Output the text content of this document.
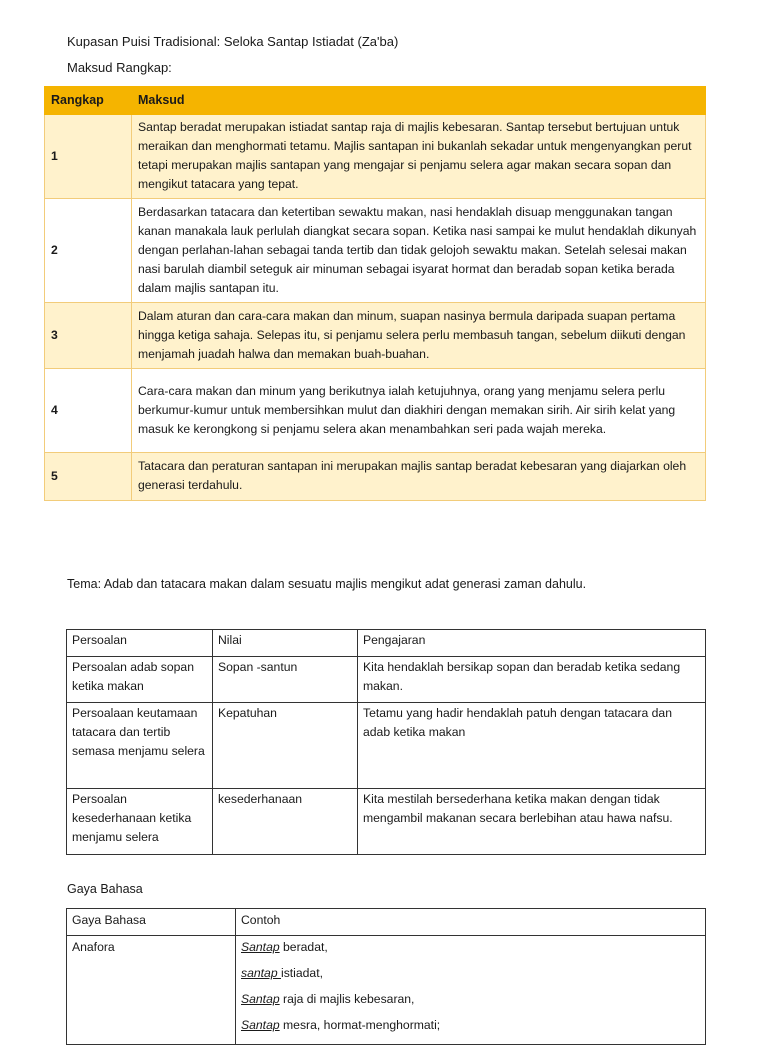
Kupasan Puisi Tradisional: Seloka Santap Istiadat (Za'ba)
Maksud Rangkap:
Rangkap	Maksud
1	Santap beradat merupakan istiadat santap raja di majlis kebesaran. Santap tersebut bertujuan untuk meraikan dan menghormati tetamu. Majlis santapan ini bukanlah sekadar untuk mengenyangkan perut tetapi merupakan majlis santapan yang mengajar si penjamu selera agar makan secara sopan dan mengikut tatacara yang tepat.
2	Berdasarkan tatacara dan ketertiban sewaktu makan, nasi hendaklah disuap menggunakan tangan kanan manakala lauk perlulah diangkat secara sopan. Ketika nasi sampai ke mulut hendaklah dikunyah dengan perlahan-lahan sebagai tanda tertib dan tidak gelojoh sewaktu makan. Setelah selesai makan nasi barulah diambil seteguk air minuman sebagai isyarat hormat dan beradab sopan ketika berada dalam majlis santapan itu.
3	Dalam aturan dan cara-cara makan dan minum, suapan nasinya bermula daripada suapan pertama hingga ketiga sahaja. Selepas itu, si penjamu selera perlu membasuh tangan, sebelum diikuti dengan menjamah juadah halwa dan memakan buah-buahan.
4	Cara-cara makan dan minum yang berikutnya ialah ketujuhnya, orang yang menjamu selera perlu berkumur-kumur untuk membersihkan mulut dan diakhiri dengan memakan sirih. Air sirih kelat yang masuk ke kerongkong si penjamu selera akan menambahkan seri pada wajah mereka.
5	Tatacara dan peraturan santapan ini merupakan majlis santap beradat kebesaran yang diajarkan oleh generasi terdahulu.
Tema: Adab dan tatacara makan dalam sesuatu majlis mengikut adat generasi zaman dahulu.
Persoalan	Nilai	Pengajaran
Persoalan adab sopan ketika makan	Sopan -santun	Kita hendaklah bersikap sopan dan beradab ketika sedang makan.
Persoalaan keutamaan tatacara dan tertib semasa menjamu selera	Kepatuhan	Tetamu yang hadir hendaklah patuh dengan tatacara dan adab ketika makan
Persoalan kesederhanaan ketika menjamu selera	kesederhanaan	Kita mestilah bersederhana ketika makan dengan tidak mengambil makanan secara berlebihan atau hawa nafsu.
Gaya Bahasa
Gaya Bahasa	Contoh
Anafora	Santap beradat,
santap istiadat,
Santap raja di majlis kebesaran,
Santap mesra, hormat-menghormati;
